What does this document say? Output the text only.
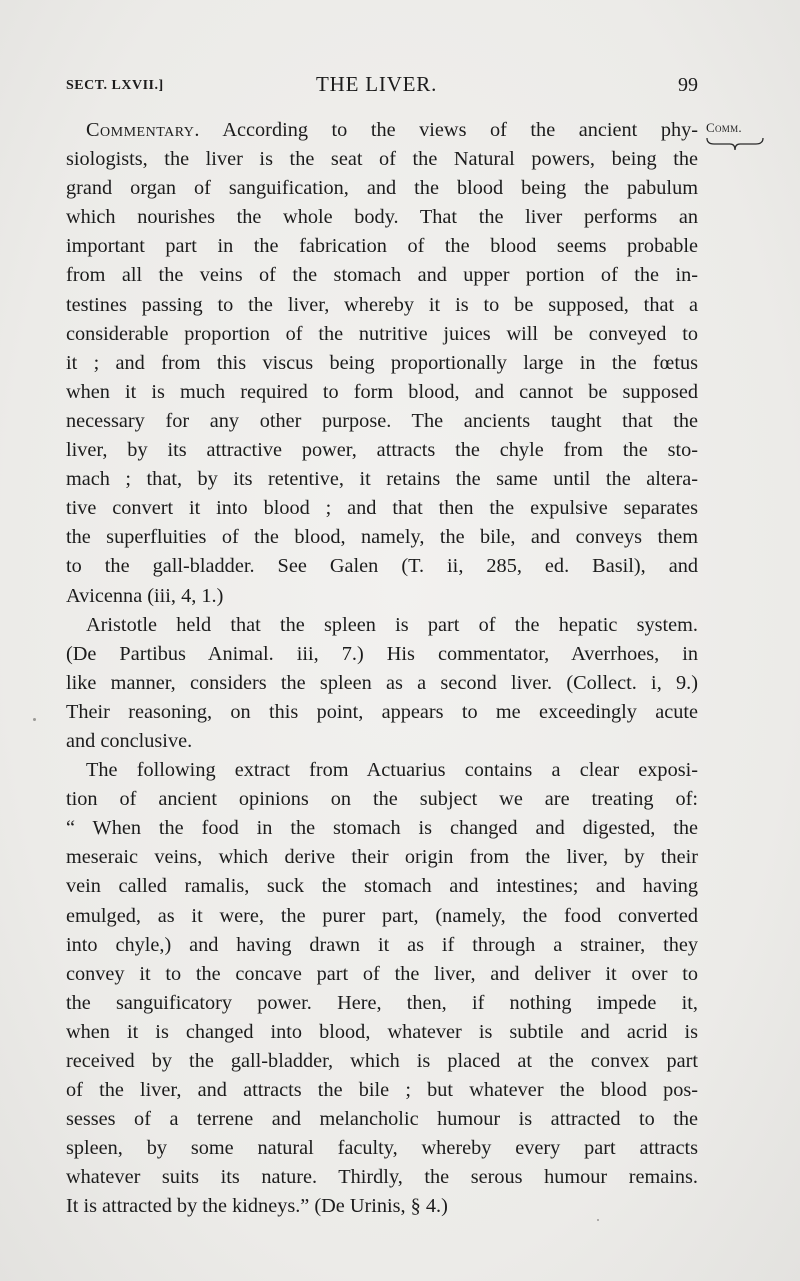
SECT. LXVII.]	THE LIVER.	99
Comm.

Commentary. According to the views of the ancient phy-
siologists, the liver is the seat of the Natural powers, being the
grand organ of sanguification, and the blood being the pabulum
which nourishes the whole body. That the liver performs an
important part in the fabrication of the blood seems probable
from all the veins of the stomach and upper portion of the in-
testines passing to the liver, whereby it is to be supposed, that a
considerable proportion of the nutritive juices will be conveyed to
it ; and from this viscus being proportionally large in the fœtus
when it is much required to form blood, and cannot be supposed
necessary for any other purpose. The ancients taught that the
liver, by its attractive power, attracts the chyle from the sto-
mach ; that, by its retentive, it retains the same until the altera-
tive convert it into blood ; and that then the expulsive separates
the superfluities of the blood, namely, the bile, and conveys them
to the gall-bladder. See Galen (T. ii, 285, ed. Basil), and
Avicenna (iii, 4, 1.)

Aristotle held that the spleen is part of the hepatic system.
(De Partibus Animal. iii, 7.) His commentator, Averrhoes, in
like manner, considers the spleen as a second liver. (Collect. i, 9.)
Their reasoning, on this point, appears to me exceedingly acute
and conclusive.

The following extract from Actuarius contains a clear exposi-
tion of ancient opinions on the subject we are treating of:
“ When the food in the stomach is changed and digested, the
meseraic veins, which derive their origin from the liver, by their
vein called ramalis, suck the stomach and intestines; and having
emulged, as it were, the purer part, (namely, the food converted
into chyle,) and having drawn it as if through a strainer, they
convey it to the concave part of the liver, and deliver it over to
the sanguificatory power. Here, then, if nothing impede it,
when it is changed into blood, whatever is subtile and acrid is
received by the gall-bladder, which is placed at the convex part
of the liver, and attracts the bile ; but whatever the blood pos-
sesses of a terrene and melancholic humour is attracted to the
spleen, by some natural faculty, whereby every part attracts
whatever suits its nature. Thirdly, the serous humour remains.
It is attracted by the kidneys.” (De Urinis, § 4.)
